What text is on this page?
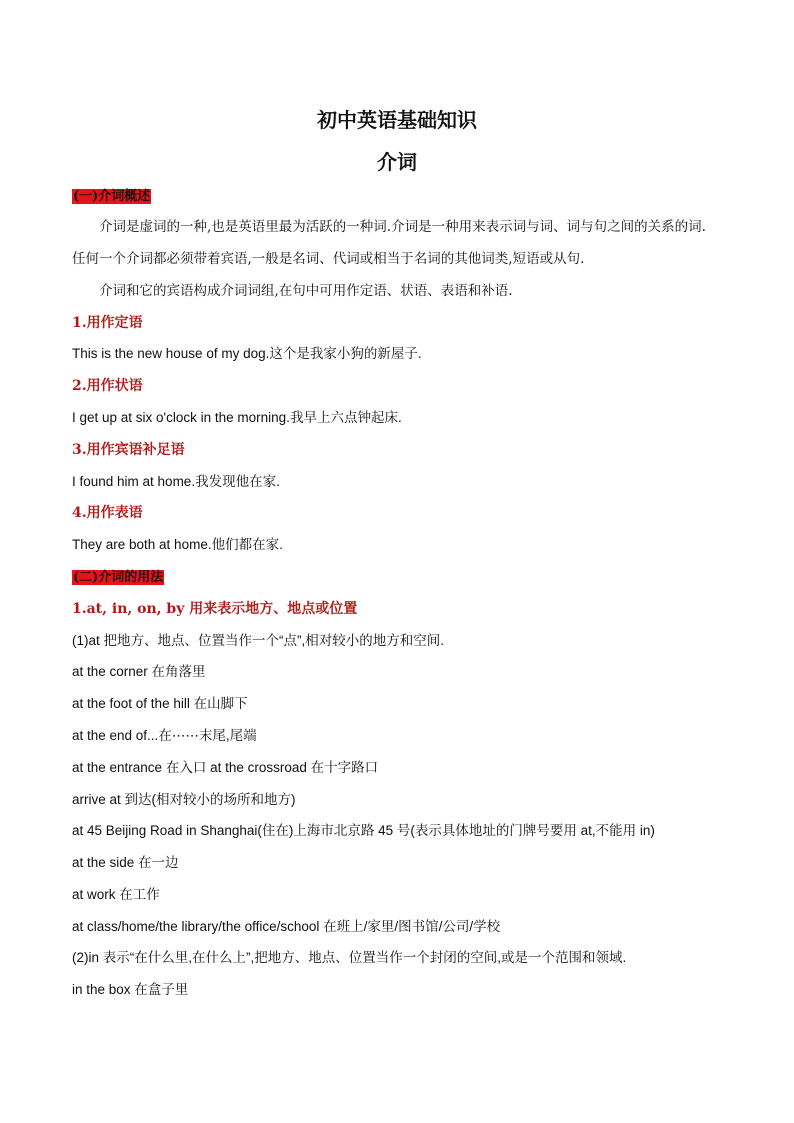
初中英语基础知识
介词

(一)介词概述

介词是虚词的一种,也是英语里最为活跃的一种词.介词是一种用来表示词与词、词与句之间的关系的词.

任何一个介词都必须带着宾语,一般是名词、代词或相当于名词的其他词类,短语或从句.

介词和它的宾语构成介词词组,在句中可用作定语、状语、表语和补语.

1.用作定语

This is the new house of my dog.这个是我家小狗的新屋子.

2.用作状语

I get up at six o'clock in the morning.我早上六点钟起床.

3.用作宾语补足语

I found him at home.我发现他在家.

4.用作表语

They are both at home.他们都在家.

(二)介词的用法

1.at, in, on, by 用来表示地方、地点或位置

(1)at 把地方、地点、位置当作一个“点”,相对较小的地方和空间.

at the corner 在角落里

at the foot of the hill 在山脚下

at the end of...在⋯⋯末尾,尾端

at the entrance 在入口 at the crossroad 在十字路口

arrive at 到达(相对较小的场所和地方)

at 45 Beijing Road in Shanghai(住在)上海市北京路 45 号(表示具体地址的门牌号要用 at,不能用 in)

at the side 在一边

at work 在工作

at class/home/the library/the office/school 在班上/家里/图书馆/公司/学校

(2)in 表示“在什么里,在什么上”,把地方、地点、位置当作一个封闭的空间,或是一个范围和领域.

in the box 在盒子里
